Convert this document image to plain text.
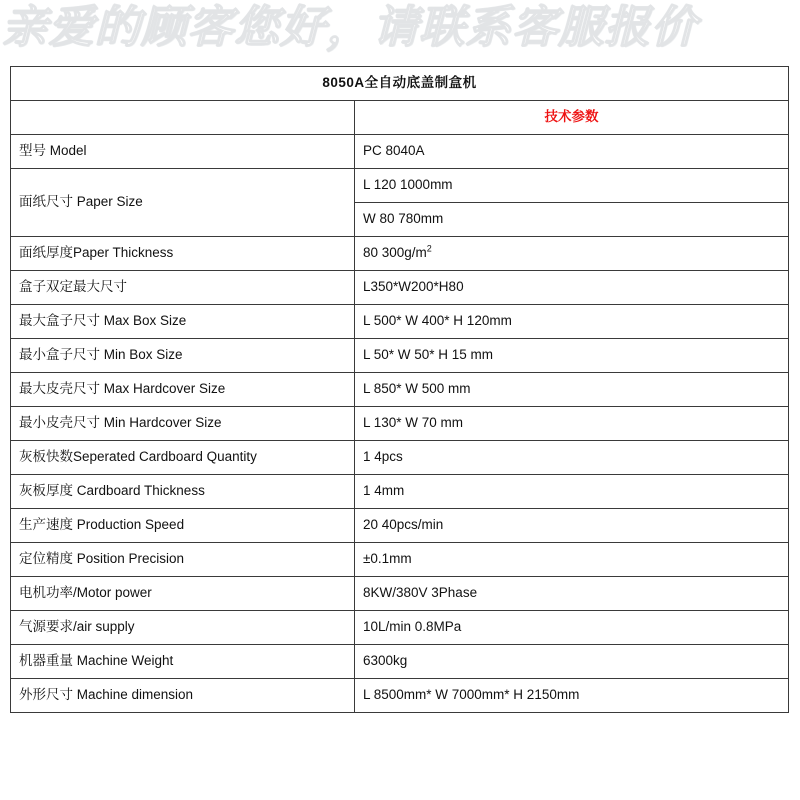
亲爱的顾客您好，请联系客服报价
8050A全自动底盖制盒机	
	技术参数
型号 Model	PC 8040A
面纸尺寸 Paper Size	L 120 1000mm
	W 80 780mm
面纸厚度Paper Thickness	80 $300g/m^2$
盒子双定最大尺寸	L350*W200*H80
最大盒子尺寸 Max Box Size	L 500* W 400* H 120mm
最小盒子尺寸 Min Box Size	L 50* W 50* H 15 mm
最大皮壳尺寸 Max Hardcover Size	L 850* W 500 mm
最小皮壳尺寸 Min Hardcover Size	L 130* W 70 mm
灰板快数Seperated Cardboard Quantity	1 4pcs
灰板厚度 Cardboard Thickness	1 4mm
生产速度 Production Speed	20 40pcs/min
定位精度 Position Precision	±0.1mm
电机功率/Motor power	8KW/380V 3Phase
气源要求/air supply	10L/min 0.8MPa
机器重量 Machine Weight	6300kg
外形尺寸 Machine dimension	L 8500mm* W 7000mm* H 2150mm
